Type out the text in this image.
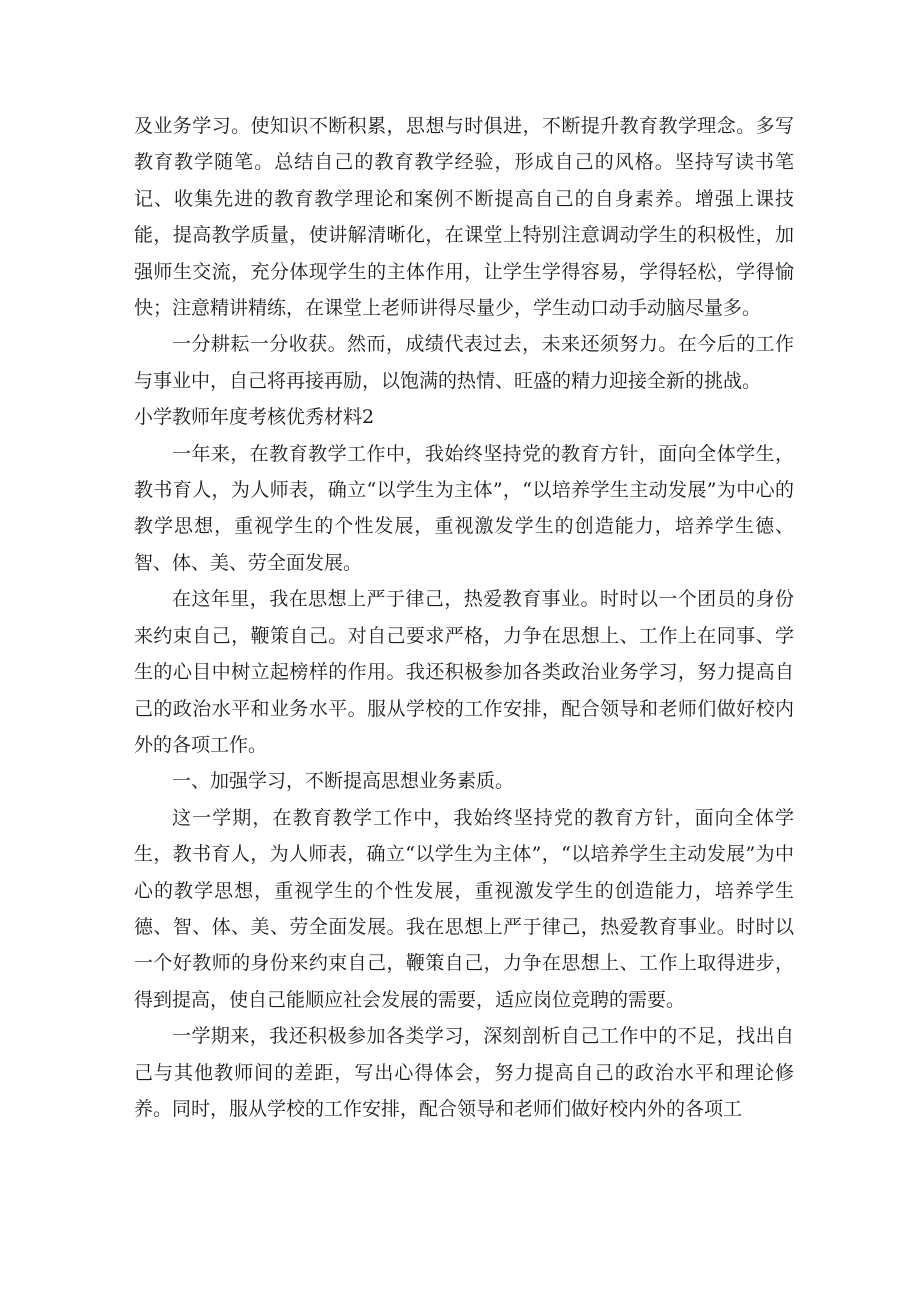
及业务学习。使知识不断积累，思想与时俱进，不断提升教育教学理念。多写教育教学随笔。总结自己的教育教学经验，形成自己的风格。坚持写读书笔记、收集先进的教育教学理论和案例不断提高自己的自身素养。增强上课技能，提高教学质量，使讲解清晰化，在课堂上特别注意调动学生的积极性，加强师生交流，充分体现学生的主体作用，让学生学得容易，学得轻松，学得愉快；注意精讲精练，在课堂上老师讲得尽量少，学生动口动手动脑尽量多。

一分耕耘一分收获。然而，成绩代表过去，未来还须努力。在今后的工作与事业中，自己将再接再励，以饱满的热情、旺盛的精力迎接全新的挑战。

小学教师年度考核优秀材料2

一年来，在教育教学工作中，我始终坚持党的教育方针，面向全体学生，教书育人，为人师表，确立“以学生为主体”，“以培养学生主动发展”为中心的教学思想，重视学生的个性发展，重视激发学生的创造能力，培养学生德、智、体、美、劳全面发展。

在这年里，我在思想上严于律己，热爱教育事业。时时以一个团员的身份来约束自己，鞭策自己。对自己要求严格，力争在思想上、工作上在同事、学生的心目中树立起榜样的作用。我还积极参加各类政治业务学习，努力提高自己的政治水平和业务水平。服从学校的工作安排，配合领导和老师们做好校内外的各项工作。

一、加强学习，不断提高思想业务素质。

这一学期，在教育教学工作中，我始终坚持党的教育方针，面向全体学生，教书育人，为人师表，确立“以学生为主体”，“以培养学生主动发展”为中心的教学思想，重视学生的个性发展，重视激发学生的创造能力，培养学生德、智、体、美、劳全面发展。我在思想上严于律己，热爱教育事业。时时以一个好教师的身份来约束自己，鞭策自己，力争在思想上、工作上取得进步，得到提高，使自己能顺应社会发展的需要，适应岗位竞聘的需要。

一学期来，我还积极参加各类学习，深刻剖析自己工作中的不足，找出自己与其他教师间的差距，写出心得体会，努力提高自己的政治水平和理论修养。同时，服从学校的工作安排，配合领导和老师们做好校内外的各项工
